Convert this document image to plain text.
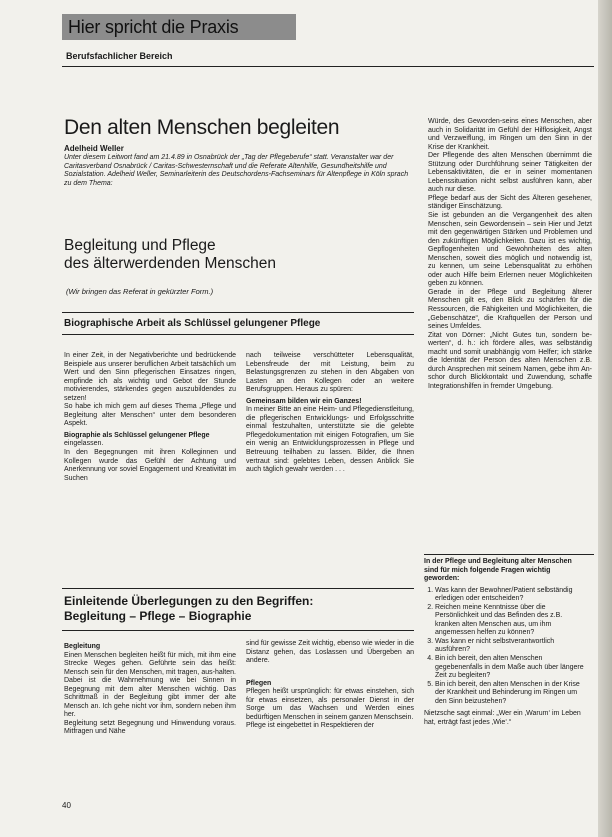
Hier spricht die Praxis
Berufsfachlicher Bereich
Den alten Menschen begleiten
Adelheid Weller
Unter diesem Leitwort fand am 21.4.89 in Osnabrück der „Tag der Pflegeberufe“ statt. Veranstalter war der Caritasverband Osnabrück / Caritas-Schwesternschaft und die Referate Altenhilfe, Gesundheitshilfe und Sozialstation. Adelheid Weller, Seminarleiterin des Deutschordens-Fachseminars für Altenpflege in Köln sprach zu dem Thema:
Begleitung und Pflege
des älterwerdenden Menschen
(Wir bringen das Referat in gekürzter Form.)
Biographische Arbeit als Schlüssel gelungener Pflege

In einer Zeit, in der Negativberichte und bedrückende Beispiele aus unserer beruflichen Arbeit tatsächlich um Wert und den Sinn pflegerischen Einsatzes ringen, empfinde ich als wichtig und Gebot der Stunde motivierendes, stärkendes gegen auszubildendes zu setzen!

So habe ich mich gern auf dieses Thema „Pflege und Begleitung alter Menschen“ unter dem besonderen Aspekt.

Biographie als Schlüssel gelungener Pflege

eingelassen.

In den Begegnungen mit ihren Kolleginnen und Kollegen wurde das Gefühl der Achtung und Anerkennung vor soviel Engagement und Kreativität im Suchen

nach teilweise verschütteter Lebensqualität, Lebensfreude der mit Leistung, beim zu Belastungsgrenzen zu stehen in den Abgaben von Lasten an den Kollegen oder an weitere Berufsgruppen. Heraus zu spüren:

Gemeinsam bilden wir ein Ganzes!

In meiner Bitte an eine Heim- und Pflegedienstleitung, die pflegerischen Entwicklungs- und Erfolgsschritte einmal festzuhalten, unterstützte sie die gelebte Pflegedokumentation mit einigen Fotografien, um Sie ein wenig an Entwicklungsprozessen in Pflege und Betreuung teilhaben zu lassen. Bilder, die Ihnen vertraut sind: gelebtes Leben, dessen Anblick Sie auch täglich gewahr werden . . .

Würde, des Geworden-seins eines Menschen, aber auch in Solidarität im Gefühl der Hilflosigkeit, Angst und Verzweiflung, im Ringen um den Sinn in der Krise der Krankheit.

Der Pflegende des alten Menschen übernimmt die Stützung oder Durchführung seiner Tätigkeiten der Lebensaktivitäten, die er in seiner momentanen Lebenssituation nicht selbst ausführen kann, aber auch nur diese.

Pflege bedarf aus der Sicht des Älteren gesehener, ständiger Einschätzung.

Sie ist gebunden an die Vergangenheit des alten Menschen, sein Gewordensein – sein Hier und Jetzt mit den gegenwärtigen Stärken und Problemen und den zukünftigen Möglichkeiten. Dazu ist es wichtig, Gepflogenheiten und Gewohnheiten des alten Menschen, soweit dies möglich und notwendig ist, zu kennen, um seine Lebensqualität zu erhöhen oder auch Hilfe beim Erlernen neuer Möglichkeiten geben zu können.

Gerade in der Pflege und Begleitung älterer Menschen gilt es, den Blick zu schärfen für die Ressourcen, die Fähigkeiten und Möglichkeiten, die „Gebenschätze“, die Kraftquellen der Person und seines Umfeldes.

Zitat von Dörner: „Nicht Gutes tun, sondern be-werten“, d. h.: ich fördere alles, was selbständig macht und somit unabhängig vom Helfer; ich stärke die Identität der Person des alten Menschen z.B. durch Ansprechen mit seinem Namen, gebe ihm An-schor durch Blickkontakt und Zuwendung, schaffe Integrationshilfen in fremder Umgebung.

Einleitende Überlegungen zu den Begriffen:
Begleitung – Pflege – Biographie

Begleitung

Einen Menschen begleiten heißt für mich, mit ihm eine Strecke Weges gehen. Geführte sein das heißt: Mensch sein für den Menschen, mit tragen, aus-halten. Dabei ist die Wahrnehmung wie bei Sinnen in Begegnung mit dem alter Menschen wichtig. Das Schrittmaß in der Begleitung gibt immer der alte Mensch an. Ich gehe nicht vor ihm, sondern neben ihm her.

Begleitung setzt Begegnung und Hinwendung voraus. Mitfragen und Nähe

sind für gewisse Zeit wichtig, ebenso wie wieder in die Distanz gehen, das Loslassen und Übergeben an andere.

Pflegen

Pflegen heißt ursprünglich: für etwas einstehen, sich für etwas einsetzen, als personaler Dienst in der Sorge um das Wachsen und Werden eines bedürftigen Menschen in seinem ganzen Menschsein.

Pflege ist eingebettet in Respektieren der

In der Pflege und Begleitung alter Menschen sind für mich folgende Fragen wichtig geworden:
1. Was kann der Bewohner/Patient selbständig erledigen oder entscheiden?
2. Reichen meine Kenntnisse über die Persönlichkeit und das Befinden des z.B. kranken alten Menschen aus, um ihm angemessen helfen zu können?
3. Was kann er nicht selbstverantwortlich ausführen?
4. Bin ich bereit, den alten Menschen gegebenenfalls in dem Maße auch über längere Zeit zu begleiten?
5. Bin ich bereit, den alten Menschen in der Krise der Krankheit und Behinderung im Ringen um den Sinn beizustehen?
Nietzsche sagt einmal: „Wer ein ‚Warum‘ im Leben hat, erträgt fast jedes ‚Wie‘.“
40
